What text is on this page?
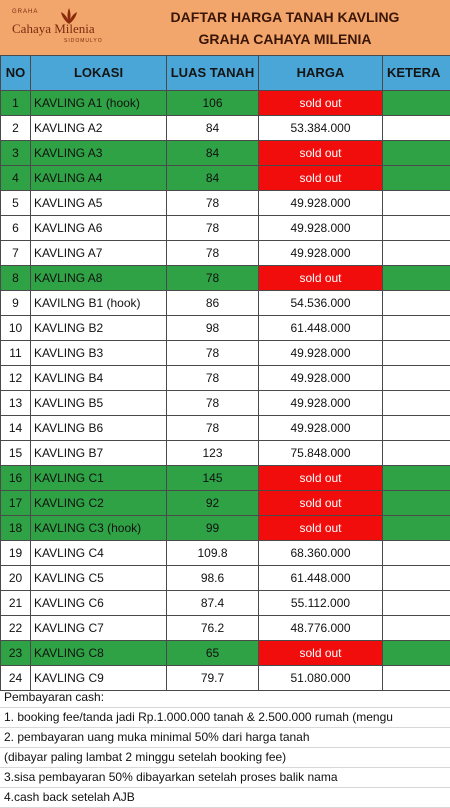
GRAHA
Cahaya Milenia
SIDOMULYO
DAFTAR HARGA TANAH KAVLING
GRAHA CAHAYA MILENIA
NO	LOKASI	LUAS TANAH	HARGA	KETERA
1	KAVLING A1 (hook)	106	sold out	
2	KAVLING A2	84	53.384.000	
3	KAVLING A3	84	sold out	
4	KAVLING A4	84	sold out	
5	KAVLING A5	78	49.928.000	
6	KAVLING A6	78	49.928.000	
7	KAVLING A7	78	49.928.000	
8	KAVLING A8	78	sold out	
9	KAVILNG B1 (hook)	86	54.536.000	
10	KAVLING B2	98	61.448.000	
11	KAVLING B3	78	49.928.000	
12	KAVLING B4	78	49.928.000	
13	KAVLING B5	78	49.928.000	
14	KAVLING B6	78	49.928.000	
15	KAVLING B7	123	75.848.000	
16	KAVLING C1	145	sold out	
17	KAVLING C2	92	sold out	
18	KAVLING C3 (hook)	99	sold out	
19	KAVLING C4	109.8	68.360.000	
20	KAVLING C5	98.6	61.448.000	
21	KAVLING C6	87.4	55.112.000	
22	KAVLING C7	76.2	48.776.000	
23	KAVLING C8	65	sold out	
24	KAVLING C9	79.7	51.080.000	
Pembayaran cash:
1. booking fee/tanda jadi Rp.1.000.000 tanah & 2.500.000 rumah (mengu
2. pembayaran uang muka minimal 50% dari harga tanah
(dibayar paling lambat 2 minggu setelah booking fee)
3.sisa pembayaran 50% dibayarkan setelah proses balik nama
4.cash back setelah AJB
